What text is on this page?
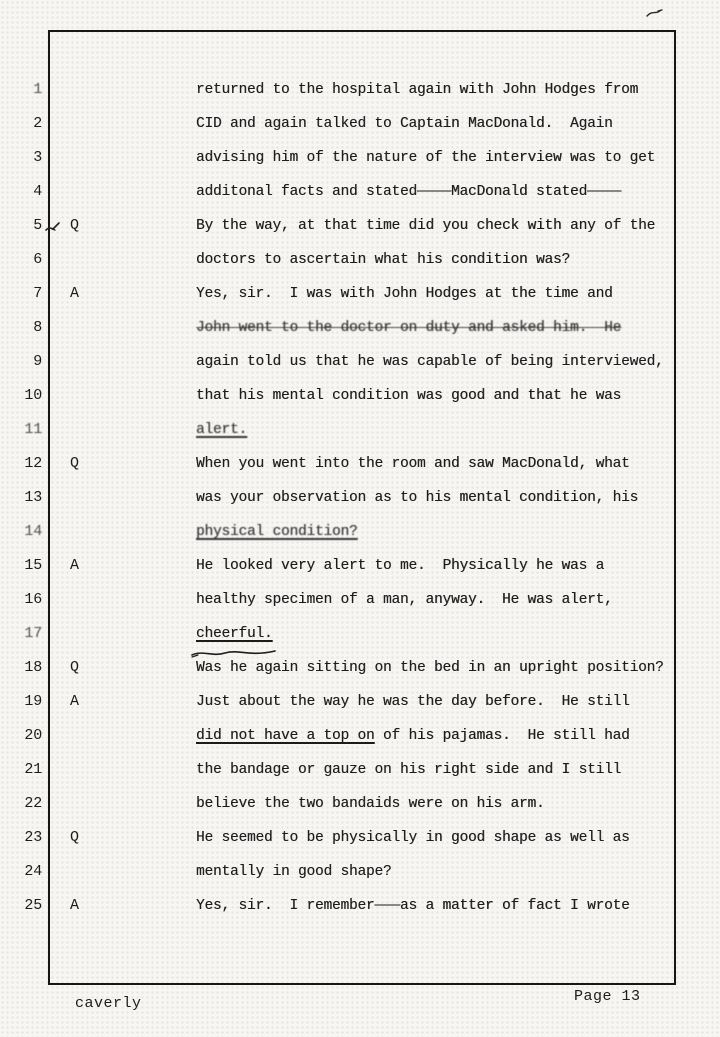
1	returned to the hospital again with John Hodges from
2	CID and again talked to Captain MacDonald.  Again
3	advising him of the nature of the interview was to get
4	additonal facts and stated————MacDonald stated————
5 Q	By the way, at that time did you check with any of the
6	doctors to ascertain what his condition was?
7 A	Yes, sir.  I was with John Hodges at the time and
8	John went to the doctor on duty and asked him.  He
9	again told us that he was capable of being interviewed,
10	that his mental condition was good and that he was
11	alert.
12 Q	When you went into the room and saw MacDonald, what
13	was your observation as to his mental condition, his
14	physical condition?
15 A	He looked very alert to me.  Physically he was a
16	healthy specimen of a man, anyway.  He was alert,
17	cheerful.
18 Q	Was he again sitting on the bed in an upright position?
19 A	Just about the way he was the day before.  He still
20	did not have a top on of his pajamas.  He still had
21	the bandage or gauze on his right side and I still
22	believe the two bandaids were on his arm.
23 Q	He seemed to be physically in good shape as well as
24	mentally in good shape?
25 A	Yes, sir.  I remember———as a matter of fact I wrote
caverly	Page 13
